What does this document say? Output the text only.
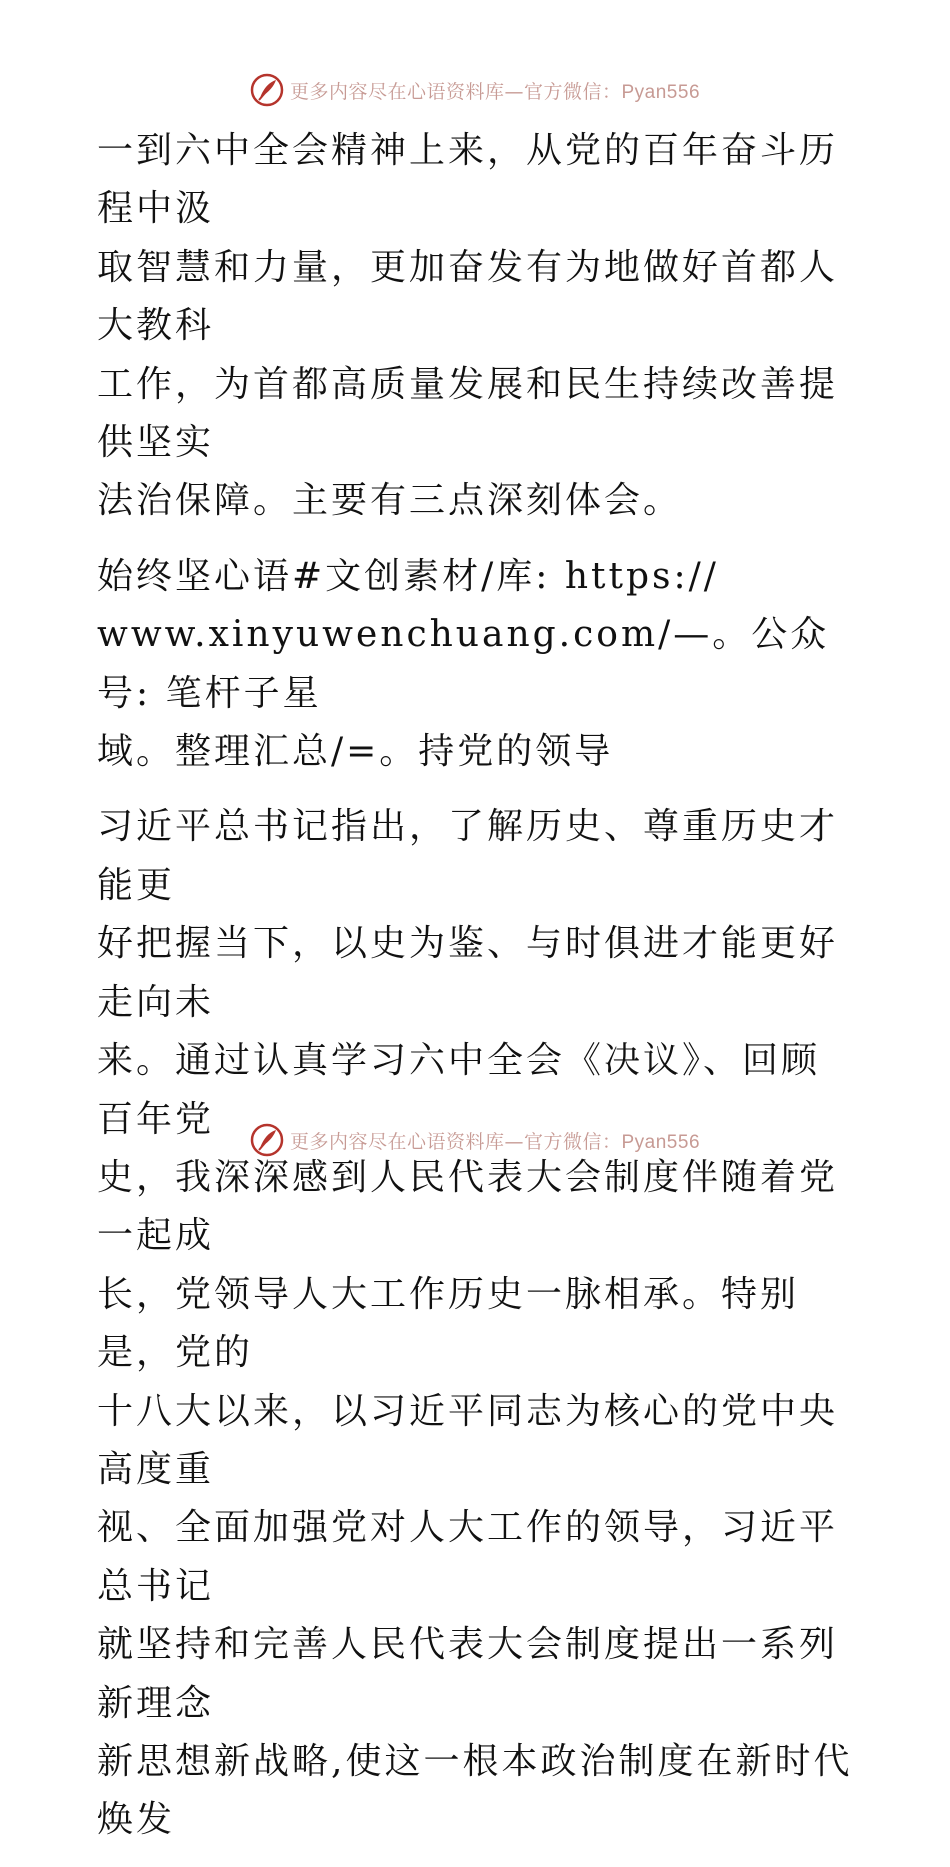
更多内容尽在心语资料库—官方微信：Pyan556

一到六中全会精神上来，从党的百年奋斗历程中汲
取智慧和力量，更加奋发有为地做好首都人大教科
工作，为首都高质量发展和民生持续改善提供坚实
法治保障。主要有三点深刻体会。

始终坚心语#文创素材/库: https://
www.xinyuwenchuang.com/—。公众号: 笔杆子星
域。整理汇总/=。持党的领导

习近平总书记指出，了解历史、尊重历史才能更
好把握当下，以史为鉴、与时俱进才能更好走向未
来。通过认真学习六中全会《决议》、回顾百年党
史，我深深感到人民代表大会制度伴随着党一起成
长，党领导人大工作历史一脉相承。特别是，党的
十八大以来，以习近平同志为核心的党中央高度重
视、全面加强党对人大工作的领导，习近平总书记
就坚持和完善人民代表大会制度提出一系列新理念
新思想新战略,使这一根本政治制度在新时代焕发

更多内容尽在心语资料库—官方微信：Pyan556
